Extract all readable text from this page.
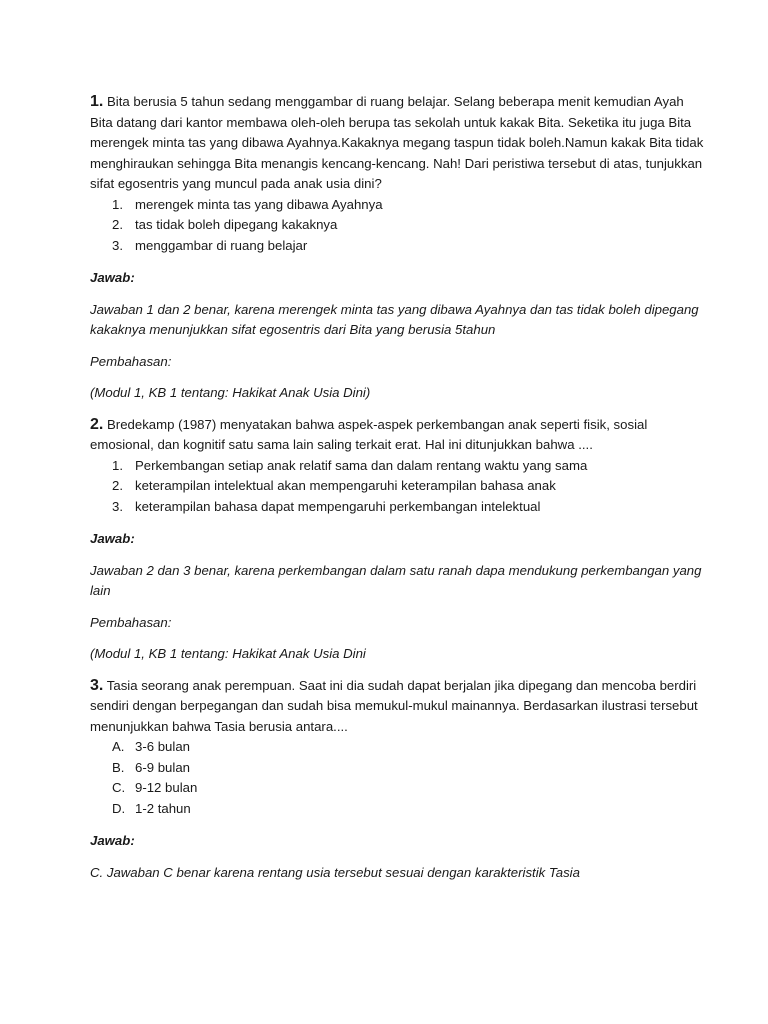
1. Bita berusia 5 tahun sedang menggambar di ruang belajar. Selang beberapa menit kemudian Ayah Bita datang dari kantor membawa oleh-oleh berupa tas sekolah untuk kakak Bita. Seketika itu juga Bita merengek minta tas yang dibawa Ayahnya.Kakaknya megang taspun tidak boleh.Namun kakak Bita tidak menghiraukan sehingga Bita menangis kencang-kencang. Nah! Dari peristiwa tersebut di atas, tunjukkan sifat egosentris yang muncul pada anak usia dini?

1. merengek minta tas yang dibawa Ayahnya
2. tas tidak boleh dipegang kakaknya
3. menggambar di ruang belajar

Jawab:

Jawaban 1 dan 2 benar, karena merengek minta tas yang dibawa Ayahnya dan tas tidak boleh dipegang kakaknya menunjukkan sifat egosentris dari Bita yang berusia 5tahun

Pembahasan:

(Modul 1, KB 1 tentang: Hakikat Anak Usia Dini)

2. Bredekamp (1987) menyatakan bahwa aspek-aspek perkembangan anak seperti fisik, sosial emosional, dan kognitif satu sama lain saling terkait erat. Hal ini ditunjukkan bahwa ....

1. Perkembangan setiap anak relatif sama dan dalam rentang waktu yang sama
2. keterampilan intelektual akan mempengaruhi keterampilan bahasa anak
3. keterampilan bahasa dapat mempengaruhi perkembangan intelektual

Jawab:

Jawaban 2 dan 3 benar, karena perkembangan dalam satu ranah dapa mendukung perkembangan yang lain

Pembahasan:

(Modul 1, KB 1 tentang: Hakikat Anak Usia Dini

3. Tasia seorang anak perempuan. Saat ini dia sudah dapat berjalan jika dipegang dan mencoba berdiri sendiri dengan berpegangan dan sudah bisa memukul-mukul mainannya. Berdasarkan ilustrasi tersebut menunjukkan bahwa Tasia berusia antara....

A. 3-6 bulan
B. 6-9 bulan
C. 9-12 bulan
D. 1-2 tahun

Jawab:

C. Jawaban C benar karena rentang usia tersebut sesuai dengan karakteristik Tasia
